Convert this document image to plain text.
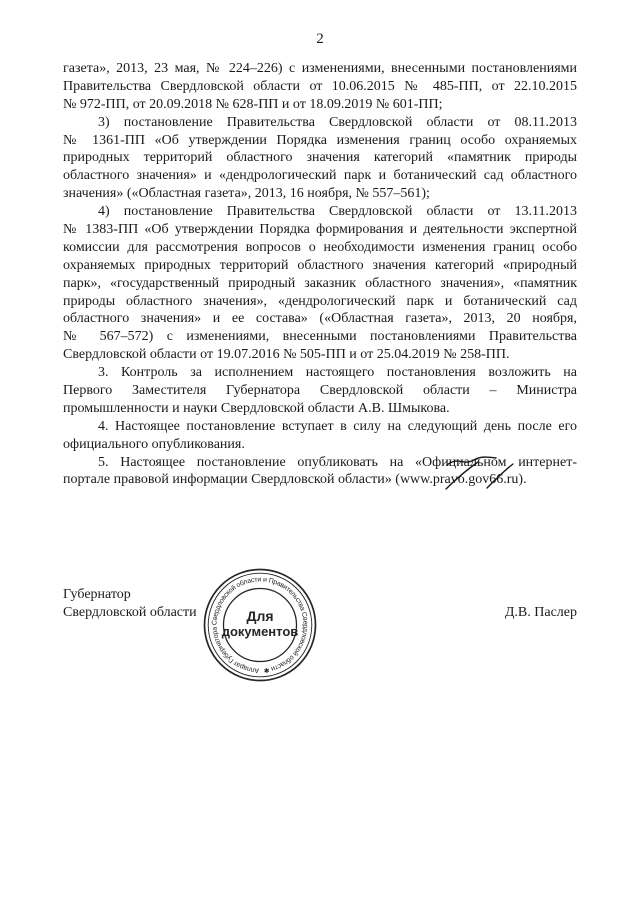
2
газета», 2013, 23 мая, № 224–226) с изменениями, внесенными постановлениями
Правительства Свердловской области от 10.06.2015 № 485-ПП, от 22.10.2015
№ 972-ПП, от 20.09.2018 № 628-ПП и от 18.09.2019 № 601-ПП;
3) постановление Правительства Свердловской области от 08.11.2013
№ 1361-ПП «Об утверждении Порядка изменения границ особо охраняемых
природных территорий областного значения категорий «памятник природы
областного значения» и «дендрологический парк и ботанический сад областного
значения» («Областная газета», 2013, 16 ноября, № 557–561);
4) постановление Правительства Свердловской области от 13.11.2013
№ 1383-ПП «Об утверждении Порядка формирования и деятельности экспертной
комиссии для рассмотрения вопросов о необходимости изменения границ особо
охраняемых природных территорий областного значения категорий «природный
парк», «государственный природный заказник областного значения», «памятник
природы областного значения», «дендрологический парк и ботанический сад
областного значения» и ее состава» («Областная газета», 2013, 20 ноября,
№ 567–572) с изменениями, внесенными постановлениями Правительства
Свердловской области от 19.07.2016 № 505-ПП и от 25.04.2019 № 258-ПП.
3. Контроль за исполнением настоящего постановления возложить на
Первого Заместителя Губернатора Свердловской области – Министра
промышленности и науки Свердловской области А.В. Шмыкова.
4. Настоящее постановление вступает в силу на следующий день после его
официального опубликования.
5. Настоящее постановление опубликовать на «Официальном интернет-
портале правовой информации Свердловской области» (www.pravo.gov66.ru).
Губернатор
Свердловской области	Д.В. Паслер
Аппарат Губернатора Свердловской области и Правительства Свердловской области ✱
Для
документов
